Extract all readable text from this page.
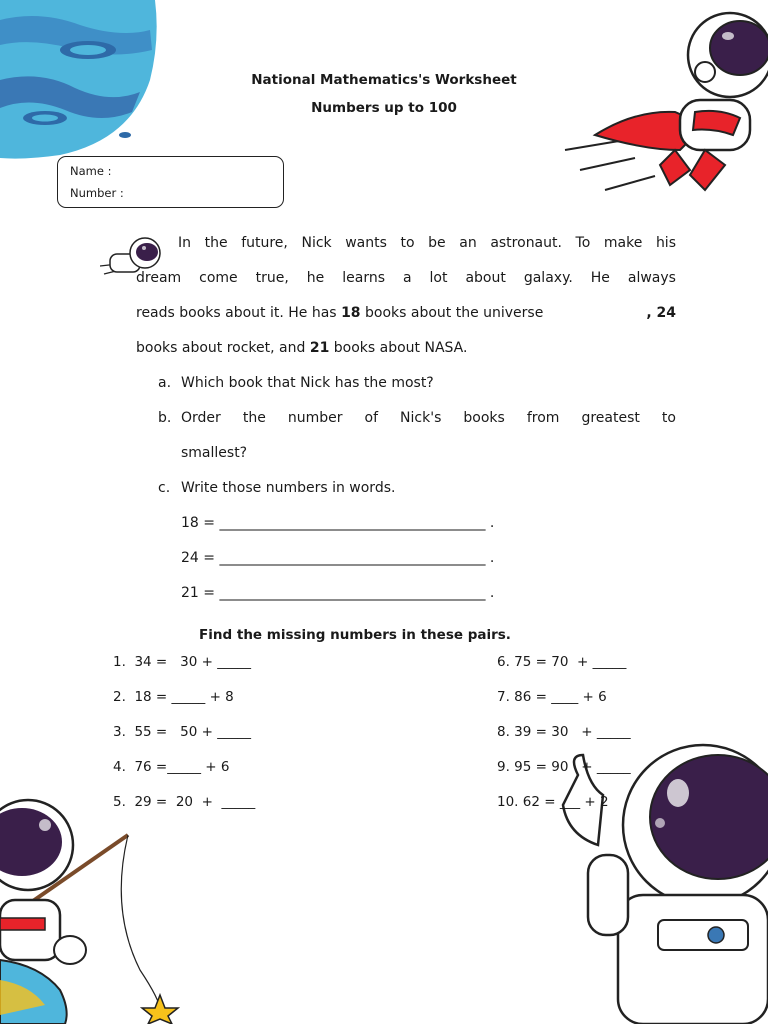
National Mathematics's Worksheet
Numbers up to 100
Name :
Number :
In the future, Nick wants to be an astronaut. To make his
dream come true, he learns a lot about galaxy. He always
reads books about it. He has 18 books about the universe	, 24
books about rocket, and 21 books about NASA.
a. Which book that Nick has the most?
b. Order the number of Nick's books from greatest to
smallest?
c. Write those numbers in words.
18 = ______________________________________ .
24 = ______________________________________ .
21 = ______________________________________ .
Find the missing numbers in these pairs.
1.  34 =   30 + _____
2.  18 = _____ + 8
3.  55 =   50 + _____
4.  76 =_____ + 6
5.  29 =  20  +  _____
6. 75 = 70  + _____
7. 86 = ____ + 6
8. 39 = 30   + _____
9. 95 = 90   + _____
10. 62 = ___ + 2
